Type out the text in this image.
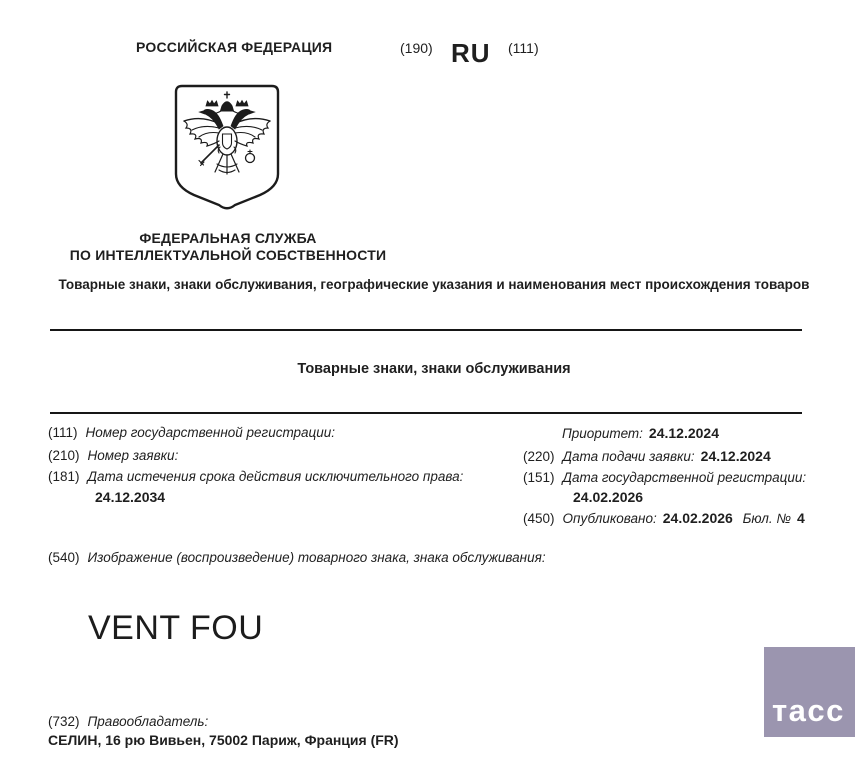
РОССИЙСКАЯ ФЕДЕРАЦИЯ	(190) RU (111)
ФЕДЕРАЛЬНАЯ СЛУЖБА
ПО ИНТЕЛЛЕКТУАЛЬНОЙ СОБСТВЕННОСТИ
Товарные знаки, знаки обслуживания, географические указания и наименования мест происхождения товаров
Товарные знаки, знаки обслуживания
(111) Номер государственной регистрации:
(210) Номер заявки:
(181) Дата истечения срока действия исключительного права:
24.12.2034
Приоритет: 24.12.2024
(220) Дата подачи заявки: 24.12.2024
(151) Дата государственной регистрации:
24.02.2026
(450) Опубликовано: 24.02.2026 Бюл. № 4
(540) Изображение (воспроизведение) товарного знака, знака обслуживания:
VENT FOU
(732) Правообладатель:
СЕЛИН, 16 рю Вивьен, 75002 Париж, Франция (FR)
тасс
